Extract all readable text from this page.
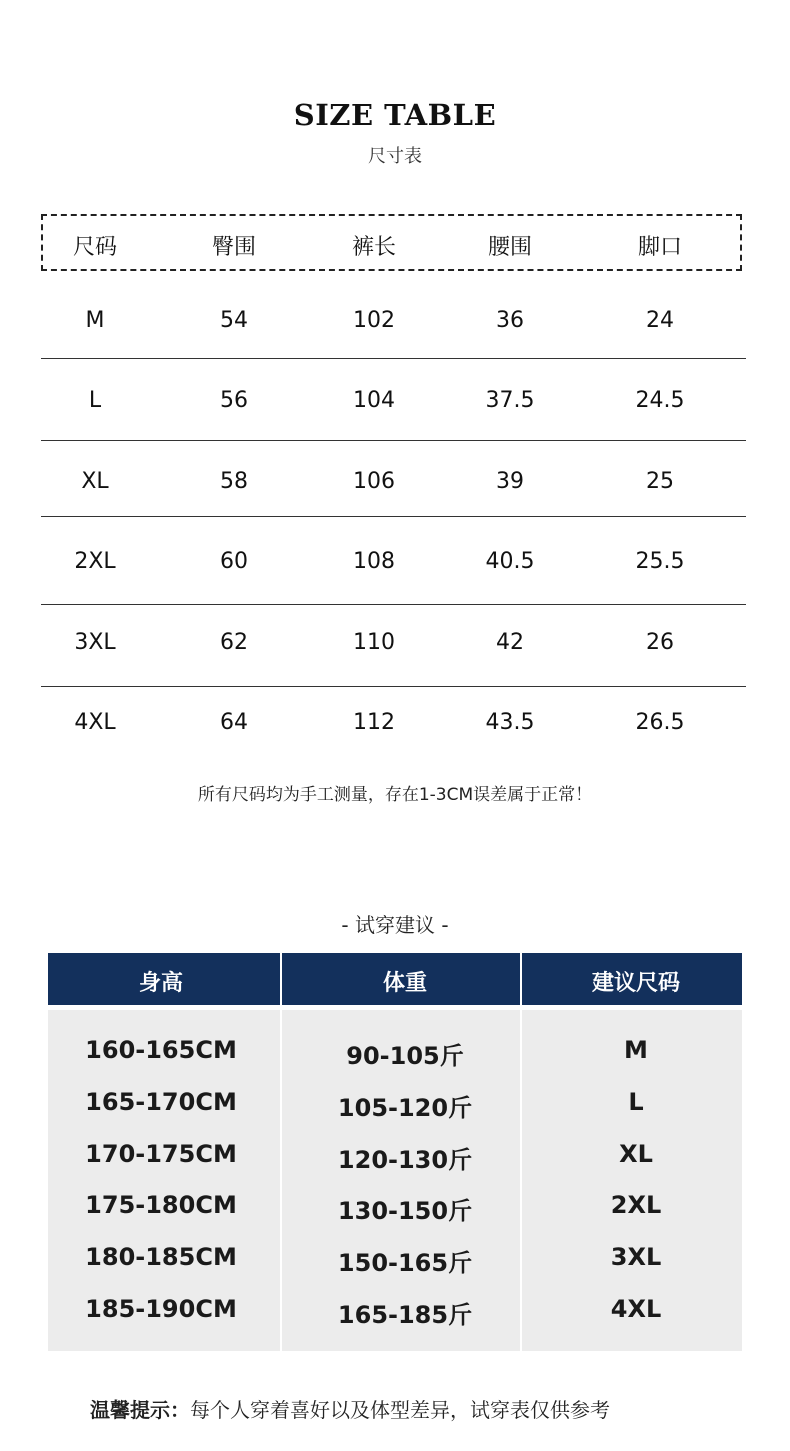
SIZE TABLE
尺寸表
尺码	臀围	裤长	腰围	脚口
M	54	102	36	24
L	56	104	37.5	24.5
XL	58	106	39	25
2XL	60	108	40.5	25.5
3XL	62	110	42	26
4XL	64	112	43.5	26.5
所有尺码均为手工测量，存在1-3CM误差属于正常！
- 试穿建议 -
身高	体重	建议尺码
160-165CM	90-105斤	M
165-170CM	105-120斤	L
170-175CM	120-130斤	XL
175-180CM	130-150斤	2XL
180-185CM	150-165斤	3XL
185-190CM	165-185斤	4XL
温馨提示：每个人穿着喜好以及体型差异，试穿表仅供参考
